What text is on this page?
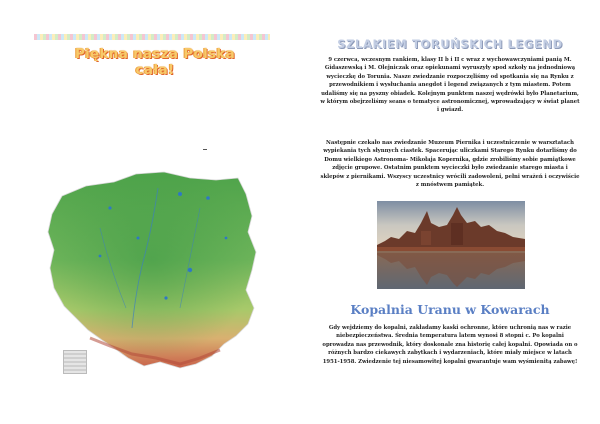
Piękna nasza Polska cała!
SZLAKIEM TORUŃSKICH LEGEND
9 czerwca, wczesnym rankiem, klasy II b i II c wraz z wychowawczyniami panią M. Gidaszewską i M. Olejniczak oraz opiekunami wyruszyły spod szkoły na jednodniową wycieczkę do Torunia. Nasze zwiedzanie rozpoczęliśmy od spotkania się na Rynku z przewodnikiem i wysłuchania anegdot i legend związanych z tym miastem. Potem udaliśmy się na pyszny obiadek. Kolejnym punktem naszej wędrówki było Planetarium, w którym obejrzeliśmy seans o tematyce astronomicznej, wprowadzający w świat planet i gwiazd.
Następnie czekało nas zwiedzanie Muzeum Piernika i uczestniczenie w warsztatach wypiekania tych słynnych ciastek. Spacerując uliczkami Starego Rynku dotarliśmy do Domu wielkiego Astronoma- Mikołaja Kopernika, gdzie zrobiliśmy sobie pamiątkowe zdjęcie grupowe. Ostatnim punktem wycieczki było zwiedzanie starego miasta i sklepów z piernikami. Wszyscy uczestnicy wrócili zadowoleni, pełni wrażeń i oczywiście z mnóstwem pamiątek.
Kopalnia Uranu w Kowarach
Gdy wejdziemy do kopalni, zakładamy kaski ochronne, które uchronią nas w razie niebezpieczeństwa. Średnia temperatura latem wynosi 8 stopni c. Po kopalni oprowadza nas przewodnik, który doskonale zna historię całej kopalni. Opowiada on o różnych bardzo ciekawych zabytkach i wydarzeniach, które miały miejsce w latach 1951-1958. Zwiedzenie tej niesamowitej kopalni gwarantuje wam wyśmienitą zabawę!
